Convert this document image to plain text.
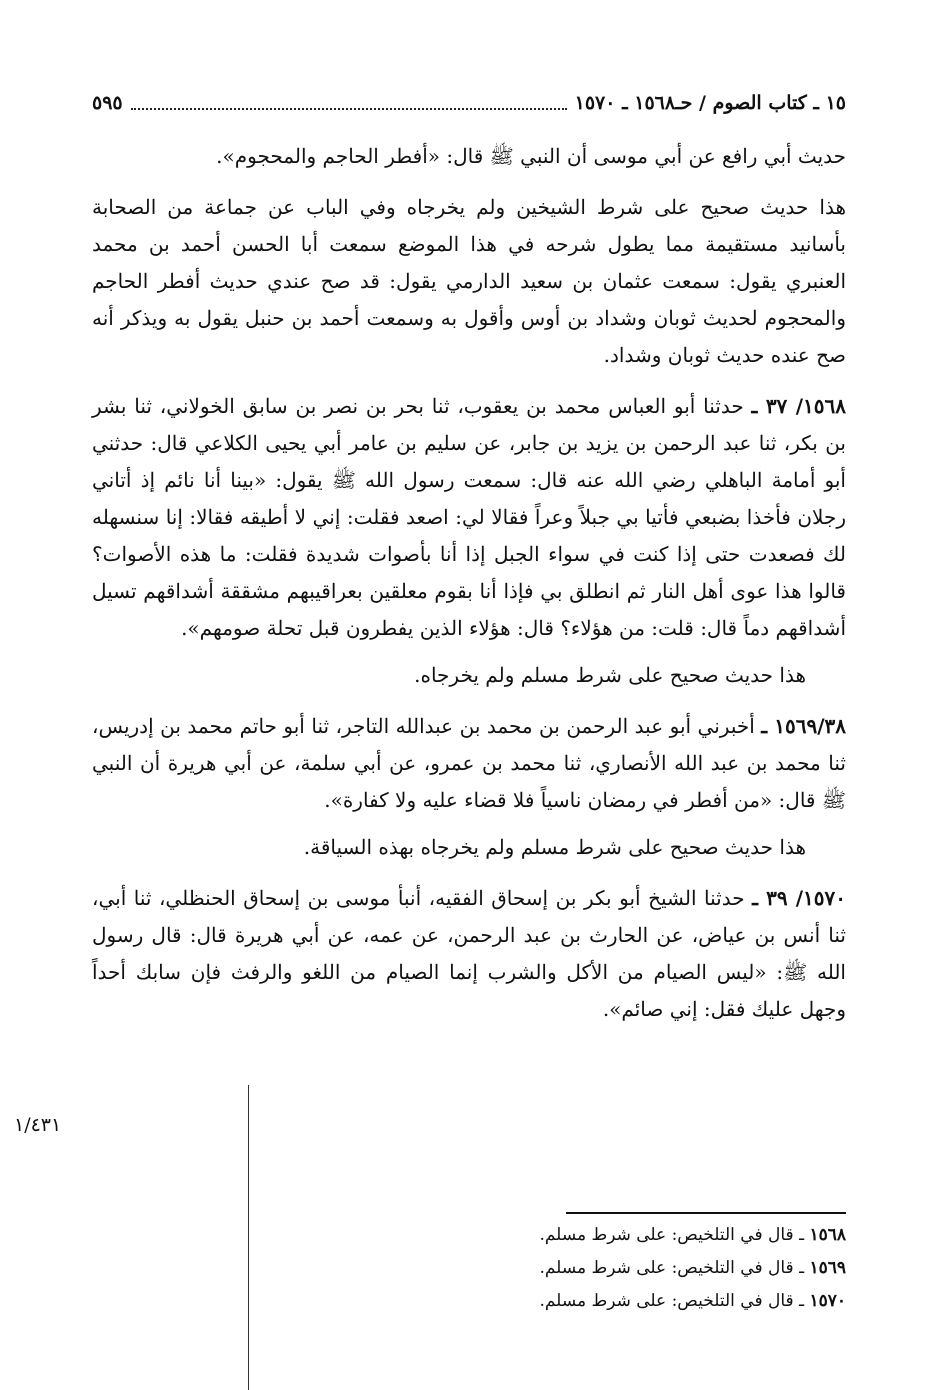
١٥ ـ كتاب الصوم / حـ١٥٦٨ ـ ١٥٧٠
٥٩٥

حديث أبي رافع عن أبي موسى أن النبي ﷺ قال: «أفطر الحاجم والمحجوم».

هذا حديث صحيح على شرط الشيخين ولم يخرجاه وفي الباب عن جماعة من الصحابة بأسانيد مستقيمة مما يطول شرحه في هذا الموضع سمعت أبا الحسن أحمد بن محمد العنبري يقول: سمعت عثمان بن سعيد الدارمي يقول: قد صح عندي حديث أفطر الحاجم والمحجوم لحديث ثوبان وشداد بن أوس وأقول به وسمعت أحمد بن حنبل يقول به ويذكر أنه صح عنده حديث ثوبان وشداد.

١٥٦٨/ ٣٧ ـ حدثنا أبو العباس محمد بن يعقوب، ثنا بحر بن نصر بن سابق الخولاني، ثنا بشر بن بكر، ثنا عبد الرحمن بن يزيد بن جابر، عن سليم بن عامر أبي يحيى الكلاعي قال: حدثني أبو أمامة الباهلي رضي الله عنه قال: سمعت رسول الله ﷺ يقول: «بينا أنا نائم إذ أتاني رجلان فأخذا بضبعي فأتيا بي جبلاً وعراً فقالا لي: اصعد فقلت: إني لا أطيقه فقالا: إنا سنسهله لك فصعدت حتى إذا كنت في سواء الجبل إذا أنا بأصوات شديدة فقلت: ما هذه الأصوات؟ قالوا هذا عوى أهل النار ثم انطلق بي فإذا أنا بقوم معلقين بعراقيبهم مشققة أشداقهم تسيل أشداقهم دماً قال: قلت: من هؤلاء؟ قال: هؤلاء الذين يفطرون قبل تحلة صومهم».

هذا حديث صحيح على شرط مسلم ولم يخرجاه.

١٥٦٩/٣٨ ـ أخبرني أبو عبد الرحمن بن محمد بن عبدالله التاجر، ثنا أبو حاتم محمد بن إدريس، ثنا محمد بن عبد الله الأنصاري، ثنا محمد بن عمرو، عن أبي سلمة، عن أبي هريرة أن النبي ﷺ قال: «من أفطر في رمضان ناسياً فلا قضاء عليه ولا كفارة».

هذا حديث صحيح على شرط مسلم ولم يخرجاه بهذه السياقة.

١٥٧٠/ ٣٩ ـ حدثنا الشيخ أبو بكر بن إسحاق الفقيه، أنبأ موسى بن إسحاق الحنظلي، ثنا أبي، ثنا أنس بن عياض، عن الحارث بن عبد الرحمن، عن عمه، عن أبي هريرة قال: قال رسول الله ﷺ: «ليس الصيام من الأكل والشرب إنما الصيام من اللغو والرفث فإن سابك أحداً وجهل عليك فقل: إني صائم».

١/٤٣١
١٥٦٨ ـ قال في التلخيص: على شرط مسلم.
١٥٦٩ ـ قال في التلخيص: على شرط مسلم.
١٥٧٠ ـ قال في التلخيص: على شرط مسلم.
